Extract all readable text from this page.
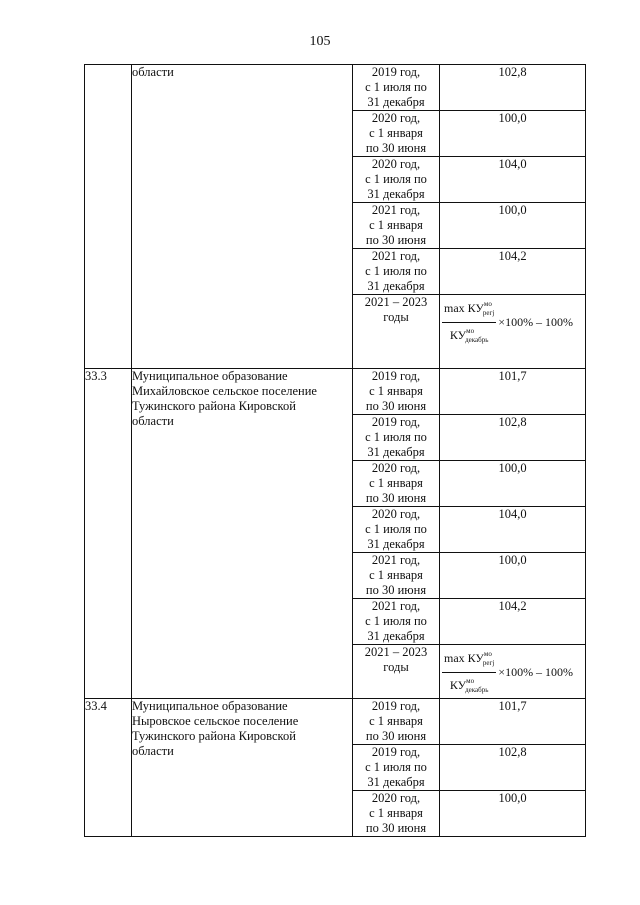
105

	области	2019 год,
с 1 июля по
31 декабря	102,8

		2020 год,
с 1 января
по 30 июня	100,0

		2020 год,
с 1 июля по
31 декабря	104,0

		2021 год,
с 1 января
по 30 июня	100,0

		2021 год,
с 1 июля по
31 декабря	104,2

		2021 – 2023
годы	$\frac{\max КУ^{мо}_{регj}}{КУ^{мо}_{декабрь}} \times 100\% - 100\%$

33.3	Муниципальное образование
Михайловское сельское поселение
Тужинского района Кировской
области	2019 год,
с 1 января
по 30 июня	101,7

		2019 год,
с 1 июля по
31 декабря	102,8

		2020 год,
с 1 января
по 30 июня	100,0

		2020 год,
с 1 июля по
31 декабря	104,0

		2021 год,
с 1 января
по 30 июня	100,0

		2021 год,
с 1 июля по
31 декабря	104,2

		2021 – 2023
годы	$\frac{\max КУ^{мо}_{регj}}{КУ^{мо}_{декабрь}} \times 100\% - 100\%$

33.4	Муниципальное образование
Ныровское сельское поселение
Тужинского района Кировской
области	2019 год,
с 1 января
по 30 июня	101,7

		2019 год,
с 1 июля по
31 декабря	102,8

		2020 год,
с 1 января
по 30 июня	100,0
